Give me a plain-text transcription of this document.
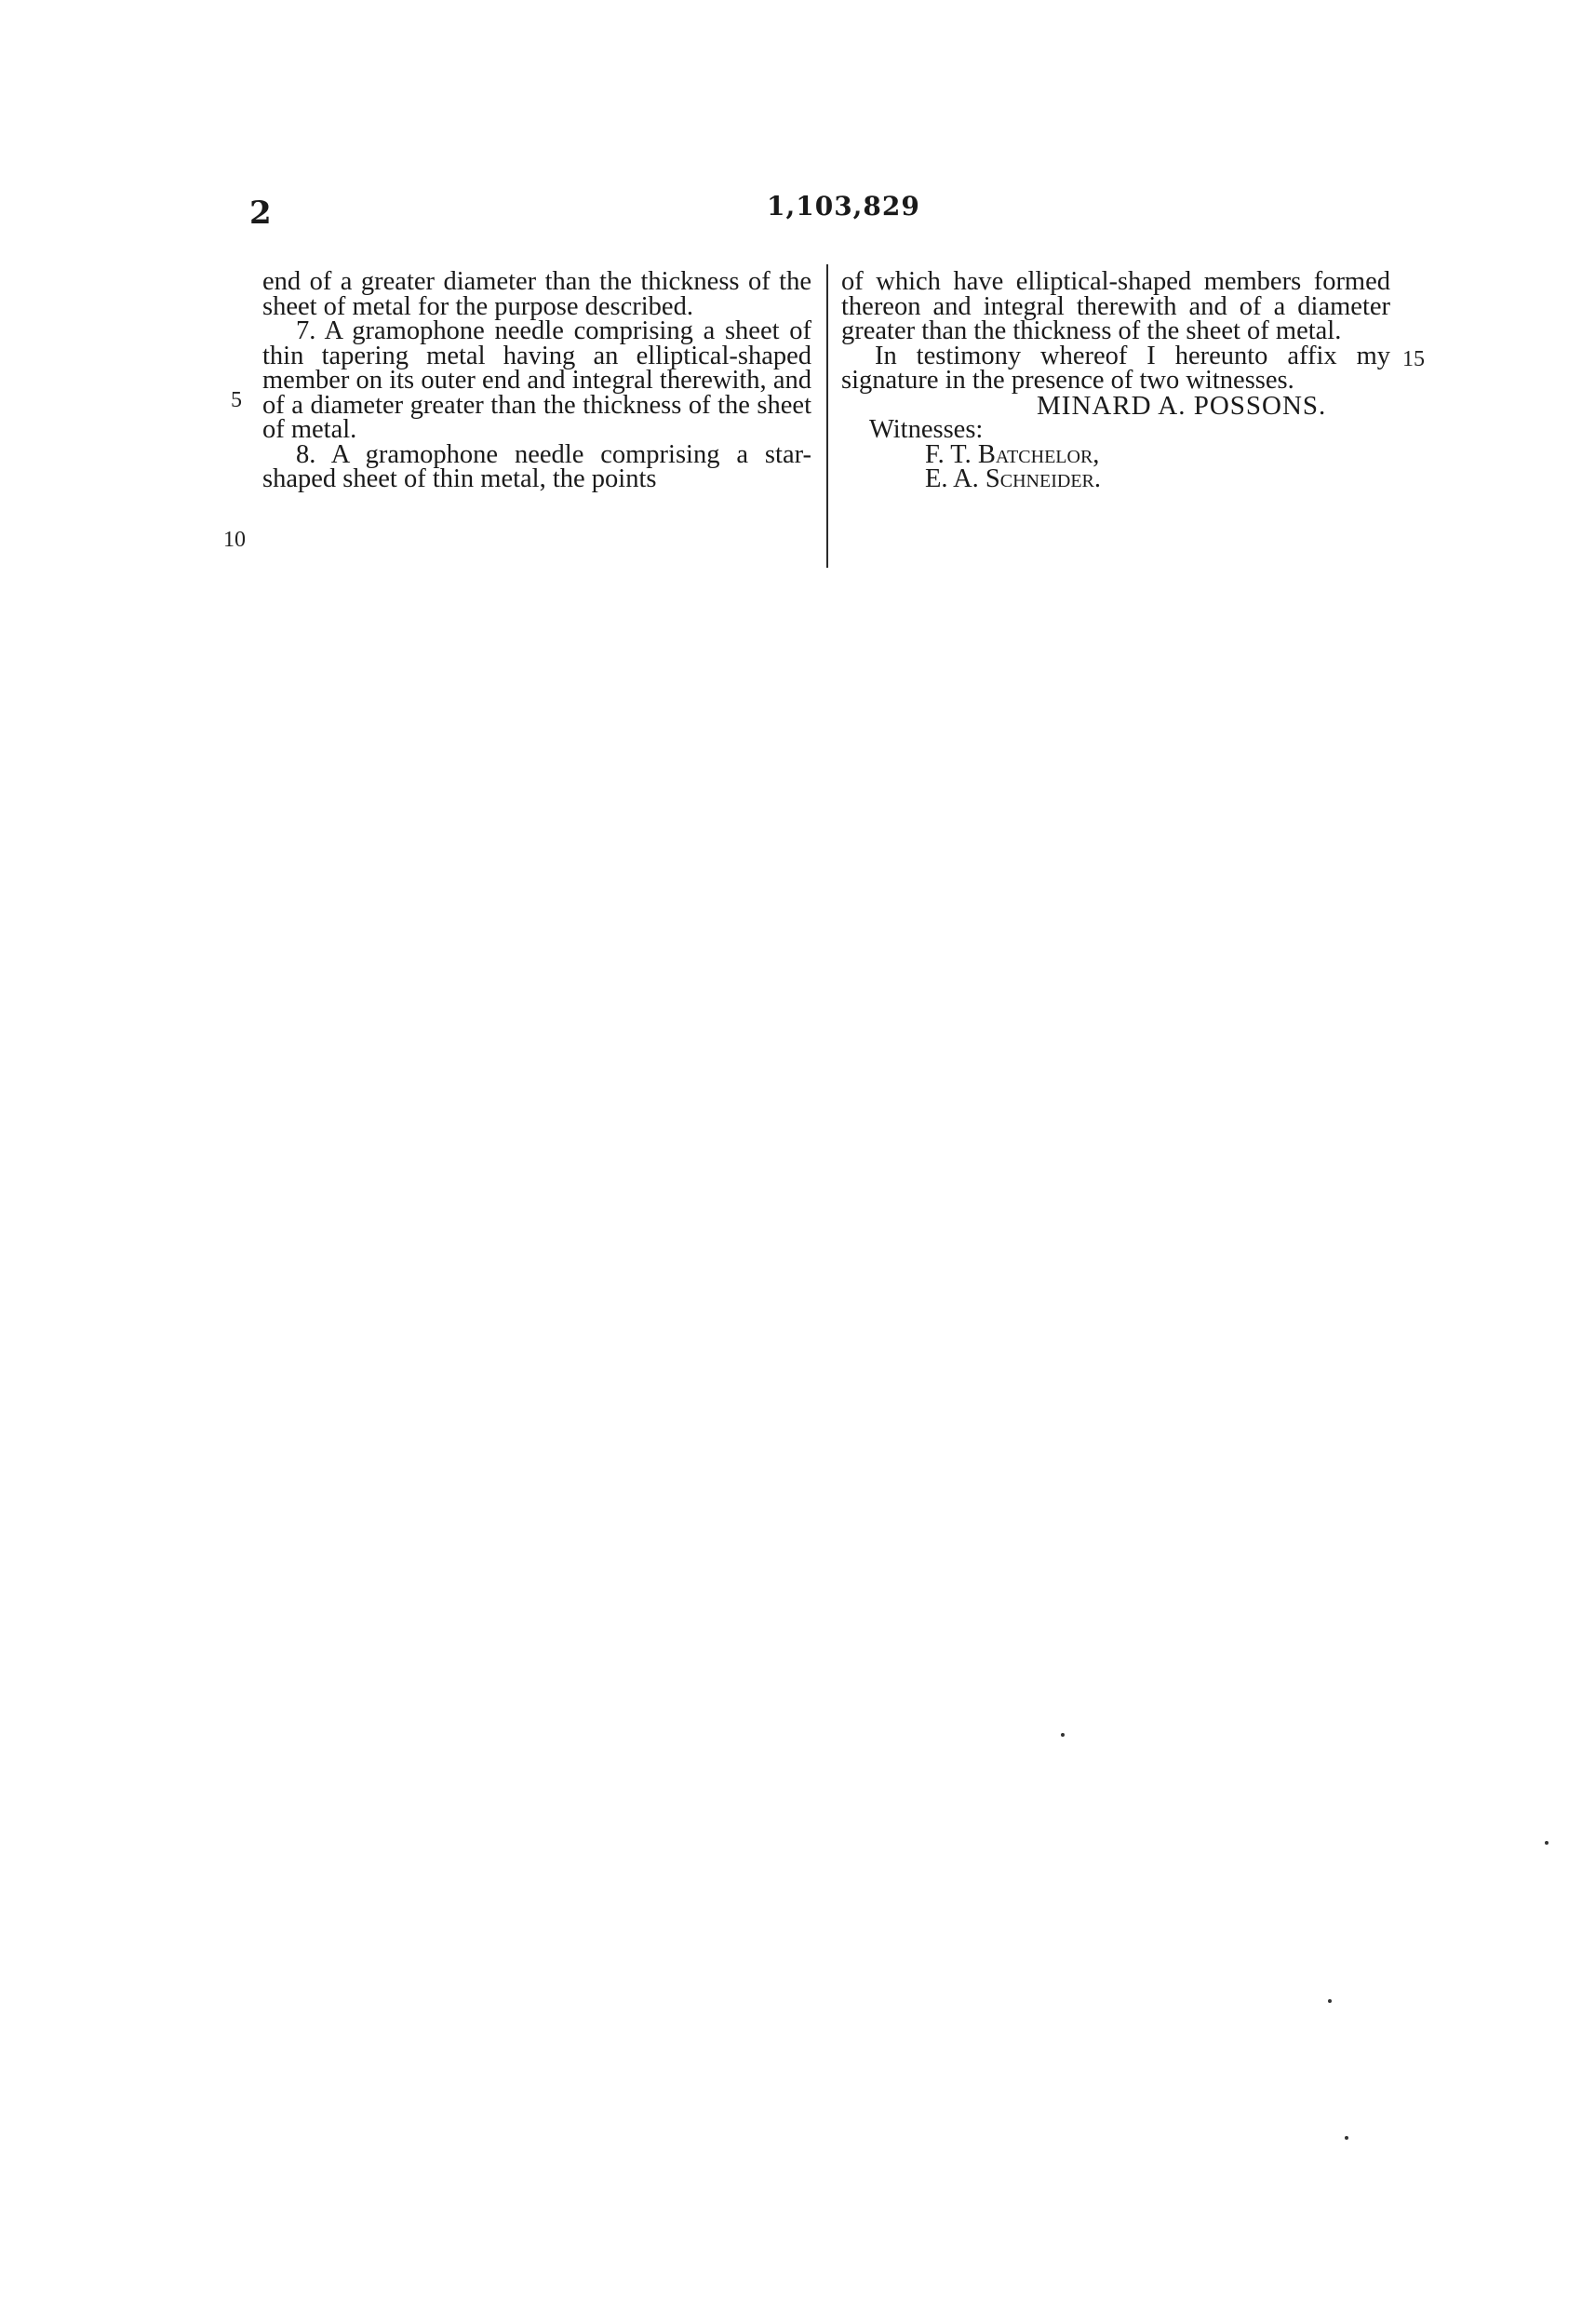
2	1,103,829
5
10
15

end of a greater diameter than the thickness of the sheet of metal for the purpose described.

7. A gramophone needle comprising a sheet of thin tapering metal having an elliptical-shaped member on its outer end and integral therewith, and of a diameter greater than the thickness of the sheet of metal.

8. A gramophone needle comprising a star-shaped sheet of thin metal, the points

of which have elliptical-shaped members formed thereon and integral therewith and of a diameter greater than the thickness of the sheet of metal.

In testimony whereof I hereunto affix my signature in the presence of two witnesses.

MINARD A. POSSONS.

Witnesses:

F. T. Batchelor,

E. A. Schneider.
